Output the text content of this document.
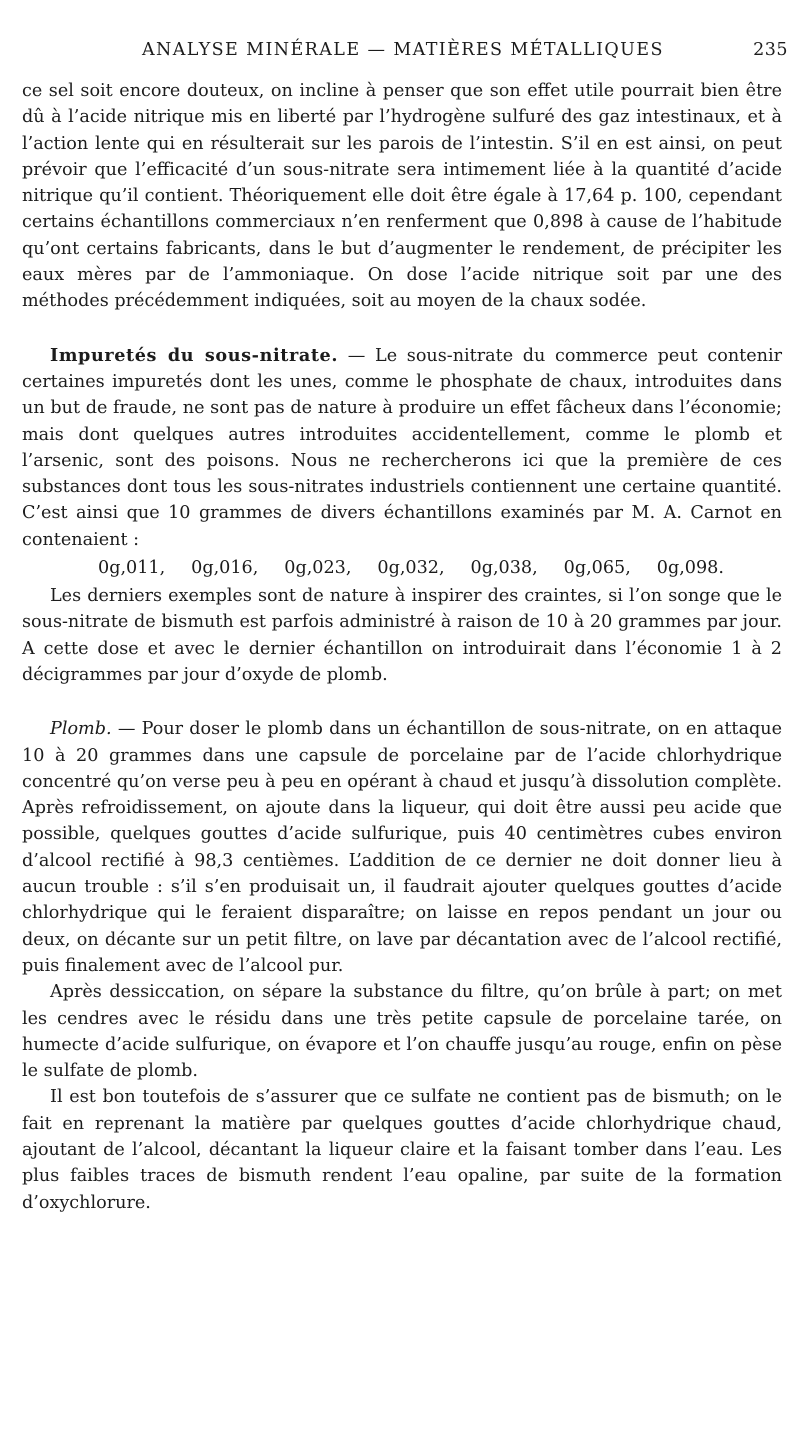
ANALYSE MINÉRALE — MATIÈRES MÉTALLIQUES	235

ce sel soit encore douteux, on incline à penser que son effet utile pourrait bien être dû à l’acide nitrique mis en liberté par l’hydrogène sulfuré des gaz intestinaux, et à l’action lente qui en résulterait sur les parois de l’intestin. S’il en est ainsi, on peut prévoir que l’efficacité d’un sous-nitrate sera intimement liée à la quantité d’acide nitrique qu’il contient. Théoriquement elle doit être égale à 17,64 p. 100, cependant certains échantillons commerciaux n’en renferment que 0,898 à cause de l’habitude qu’ont certains fabricants, dans le but d’augmenter le rendement, de précipiter les eaux mères par de l’ammoniaque. On dose l’acide nitrique soit par une des méthodes précédemment indiquées, soit au moyen de la chaux sodée.

Impuretés du sous-nitrate. — Le sous-nitrate du commerce peut contenir certaines impuretés dont les unes, comme le phosphate de chaux, introduites dans un but de fraude, ne sont pas de nature à produire un effet fâcheux dans l’économie; mais dont quelques autres introduites accidentellement, comme le plomb et l’arsenic, sont des poisons. Nous ne rechercherons ici que la première de ces substances dont tous les sous-nitrates industriels contiennent une certaine quantité. C’est ainsi que 10 grammes de divers échantillons examinés par M. A. Carnot en contenaient :

0g,011, 0g,016, 0g,023, 0g,032, 0g,038, 0g,065, 0g,098.

Les derniers exemples sont de nature à inspirer des craintes, si l’on songe que le sous-nitrate de bismuth est parfois administré à raison de 10 à 20 grammes par jour. A cette dose et avec le dernier échantillon on introduirait dans l’économie 1 à 2 décigrammes par jour d’oxyde de plomb.

Plomb. — Pour doser le plomb dans un échantillon de sous-nitrate, on en attaque 10 à 20 grammes dans une capsule de porcelaine par de l’acide chlorhydrique concentré qu’on verse peu à peu en opérant à chaud et jusqu’à dissolution complète. Après refroidissement, on ajoute dans la liqueur, qui doit être aussi peu acide que possible, quelques gouttes d’acide sulfurique, puis 40 centimètres cubes environ d’alcool rectifié à 98,3 centièmes. L’addition de ce dernier ne doit donner lieu à aucun trouble : s’il s’en produisait un, il faudrait ajouter quelques gouttes d’acide chlorhydrique qui le feraient disparaître; on laisse en repos pendant un jour ou deux, on décante sur un petit filtre, on lave par décantation avec de l’alcool rectifié, puis finalement avec de l’alcool pur.

Après dessiccation, on sépare la substance du filtre, qu’on brûle à part; on met les cendres avec le résidu dans une très petite capsule de porcelaine tarée, on humecte d’acide sulfurique, on évapore et l’on chauffe jusqu’au rouge, enfin on pèse le sulfate de plomb.

Il est bon toutefois de s’assurer que ce sulfate ne contient pas de bismuth; on le fait en reprenant la matière par quelques gouttes d’acide chlorhydrique chaud, ajoutant de l’alcool, décantant la liqueur claire et la faisant tomber dans l’eau. Les plus faibles traces de bismuth rendent l’eau opaline, par suite de la formation d’oxychlorure.
